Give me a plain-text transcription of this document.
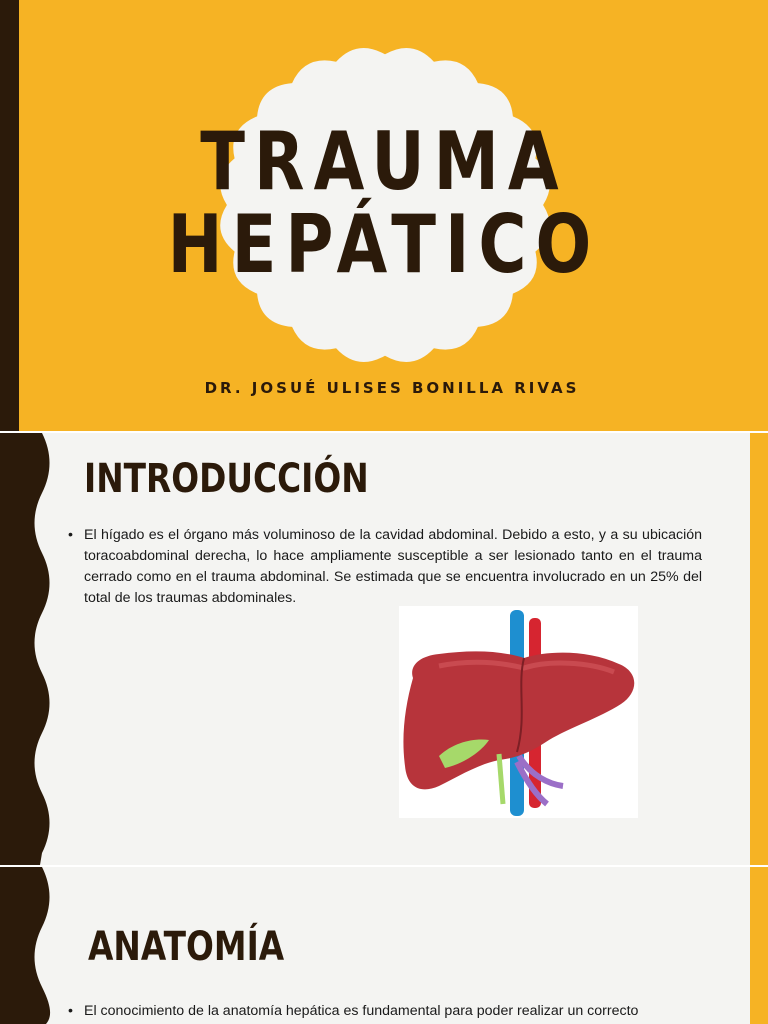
TRAUMA
HEPÁTICO
DR. JOSUÉ ULISES BONILLA RIVAS
INTRODUCCIÓN
• El hígado es el órgano más voluminoso de la cavidad abdominal. Debido a esto, y a su ubicación toracoabdominal derecha, lo hace ampliamente susceptible a ser lesionado tanto en el trauma cerrado como en el trauma abdominal. Se estimada que se encuentra involucrado en un 25% del total de los traumas abdominales.
ANATOMÍA
• El conocimiento de la anatomía hepática es fundamental para poder realizar un correcto
